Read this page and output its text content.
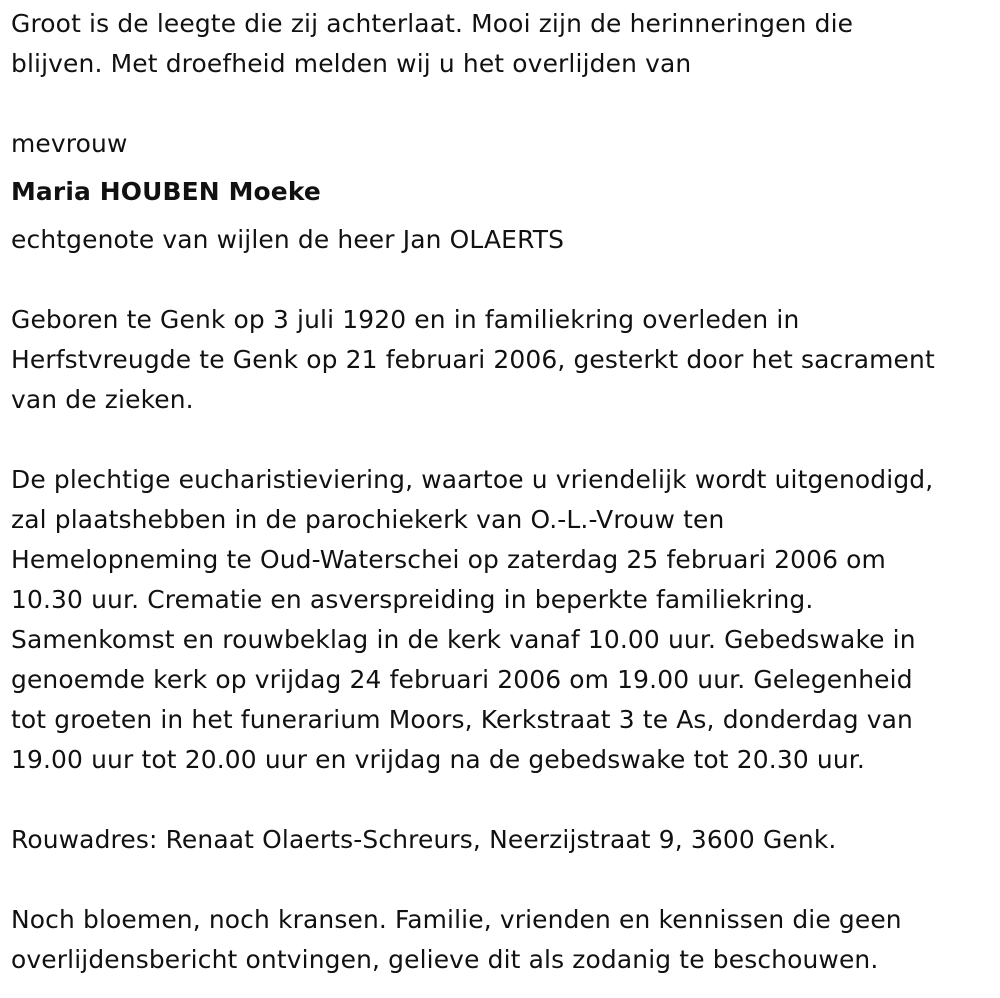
Groot is de leegte die zij achterlaat. Mooi zijn de herinneringen die

blijven. Met droefheid melden wij u het overlijden van

mevrouw

Maria HOUBEN Moeke

echtgenote van wijlen de heer Jan OLAERTS

Geboren te Genk op 3 juli 1920 en in familiekring overleden in

Herfstvreugde te Genk op 21 februari 2006, gesterkt door het sacrament

van de zieken.

De plechtige eucharistieviering, waartoe u vriendelijk wordt uitgenodigd,

zal plaatshebben in de parochiekerk van O.-L.-Vrouw ten

Hemelopneming te Oud-Waterschei op zaterdag 25 februari 2006 om

10.30 uur. Crematie en asverspreiding in beperkte familiekring.

Samenkomst en rouwbeklag in de kerk vanaf 10.00 uur. Gebedswake in

genoemde kerk op vrijdag 24 februari 2006 om 19.00 uur. Gelegenheid

tot groeten in het funerarium Moors, Kerkstraat 3 te As, donderdag van

19.00 uur tot 20.00 uur en vrijdag na de gebedswake tot 20.30 uur.

Rouwadres: Renaat Olaerts-Schreurs, Neerzijstraat 9, 3600 Genk.

Noch bloemen, noch kransen. Familie, vrienden en kennissen die geen

overlijdensbericht ontvingen, gelieve dit als zodanig te beschouwen.
